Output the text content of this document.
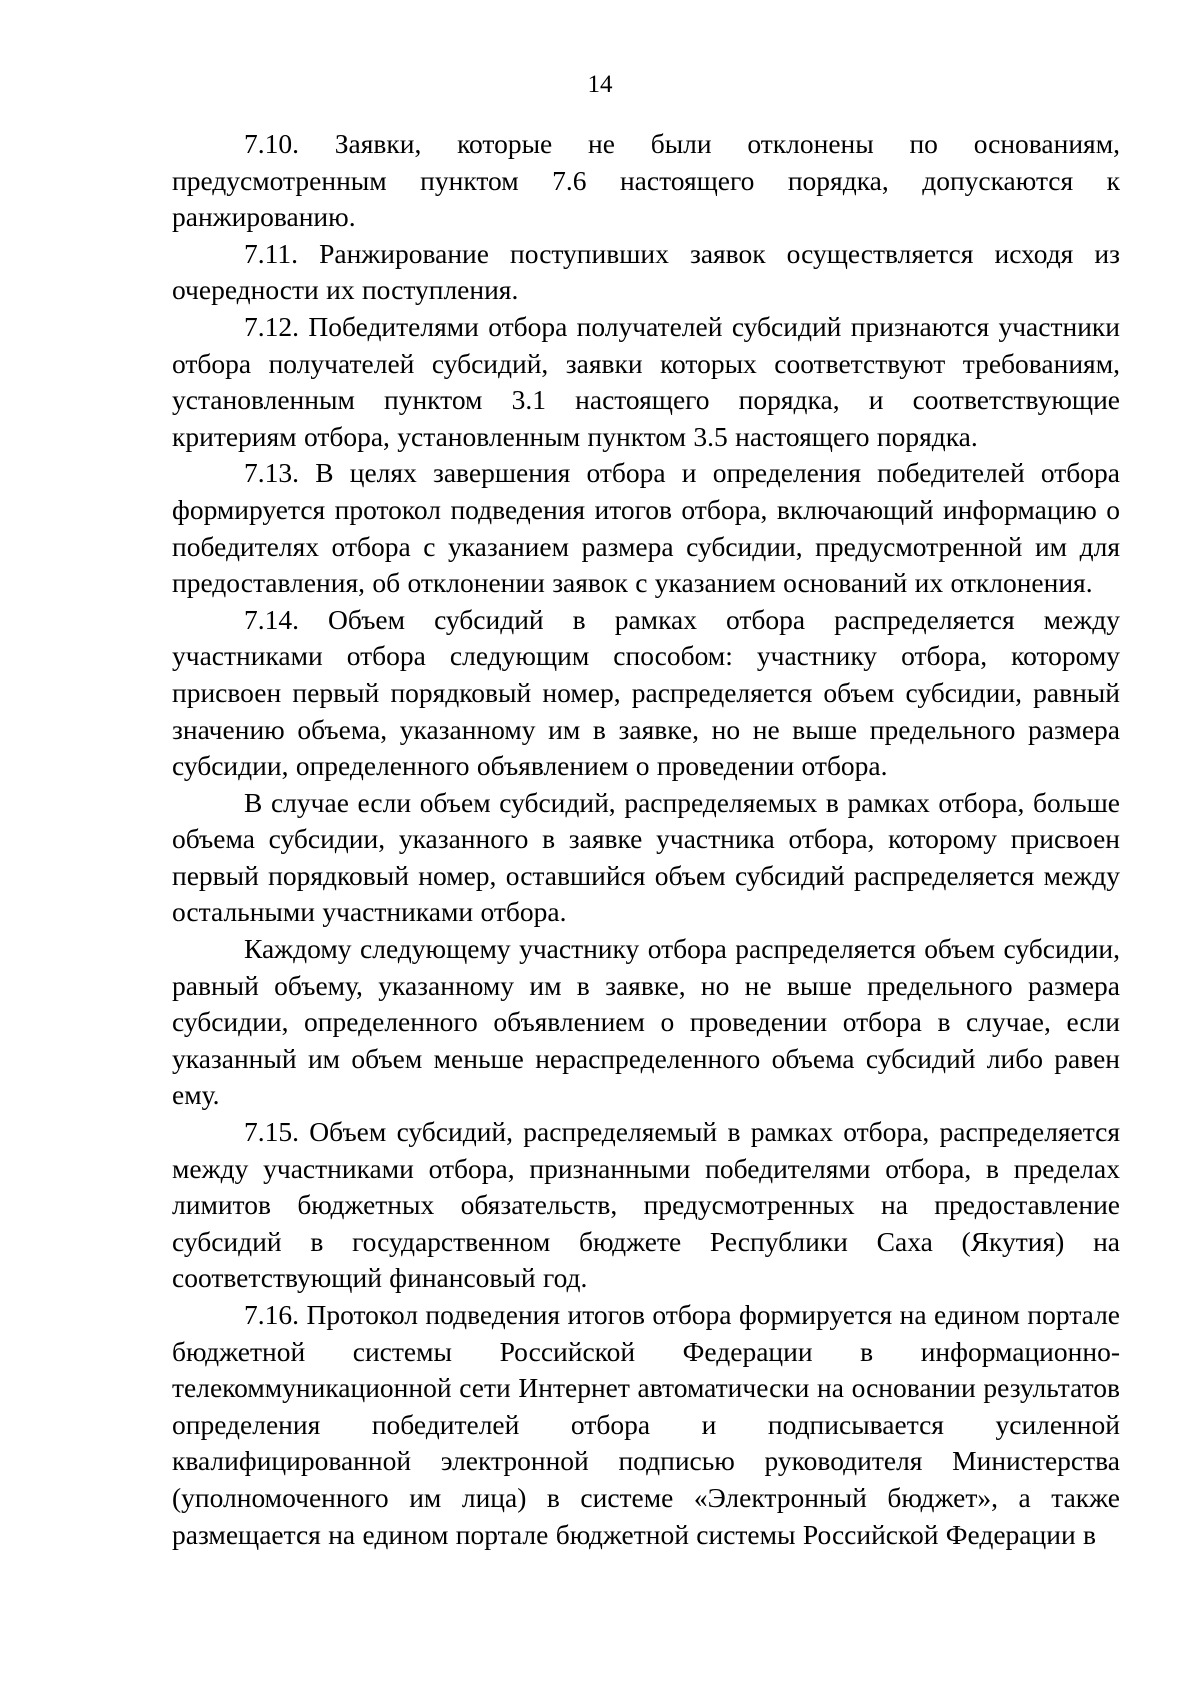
14

7.10. Заявки, которые не были отклонены по основаниям, предусмотренным пунктом 7.6 настоящего порядка, допускаются к ранжированию.

7.11. Ранжирование поступивших заявок осуществляется исходя из очередности их поступления.

7.12. Победителями отбора получателей субсидий признаются участники отбора получателей субсидий, заявки которых соответствуют требованиям, установленным пунктом 3.1 настоящего порядка, и соответствующие критериям отбора, установленным пунктом 3.5 настоящего порядка.

7.13. В целях завершения отбора и определения победителей отбора формируется протокол подведения итогов отбора, включающий информацию о победителях отбора с указанием размера субсидии, предусмотренной им для предоставления, об отклонении заявок с указанием оснований их отклонения.

7.14. Объем субсидий в рамках отбора распределяется между участниками отбора следующим способом: участнику отбора, которому присвоен первый порядковый номер, распределяется объем субсидии, равный значению объема, указанному им в заявке, но не выше предельного размера субсидии, определенного объявлением о проведении отбора.

В случае если объем субсидий, распределяемых в рамках отбора, больше объема субсидии, указанного в заявке участника отбора, которому присвоен первый порядковый номер, оставшийся объем субсидий распределяется между остальными участниками отбора.

Каждому следующему участнику отбора распределяется объем субсидии, равный объему, указанному им в заявке, но не выше предельного размера субсидии, определенного объявлением о проведении отбора в случае, если указанный им объем меньше нераспределенного объема субсидий либо равен ему.

7.15. Объем субсидий, распределяемый в рамках отбора, распределяется между участниками отбора, признанными победителями отбора, в пределах лимитов бюджетных обязательств, предусмотренных на предоставление субсидий в государственном бюджете Республики Саха (Якутия) на соответствующий финансовый год.

7.16. Протокол подведения итогов отбора формируется на едином портале бюджетной системы Российской Федерации в информационно-телекоммуникационной сети Интернет автоматически на основании результатов определения победителей отбора и подписывается усиленной квалифицированной электронной подписью руководителя Министерства (уполномоченного им лица) в системе «Электронный бюджет», а также размещается на едином портале бюджетной системы Российской Федерации в
